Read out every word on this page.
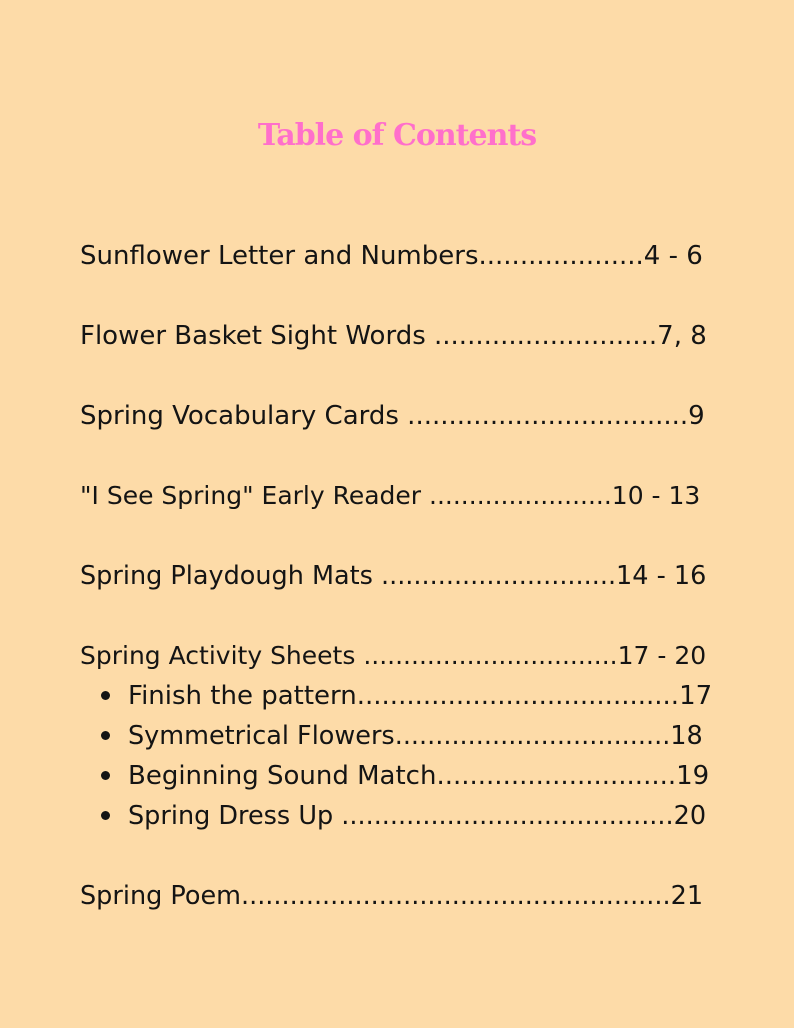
Table of Contents

Sunflower Letter and Numbers....................4 - 6

Flower Basket Sight Words ...........................7, 8

Spring Vocabulary Cards ..................................9

"I See Spring" Early Reader .......................10 - 13

Spring Playdough Mats .............................14 - 16

Spring Activity Sheets ................................17 - 20

Finish the pattern.......................................17

Symmetrical Flowers..................................18

Beginning Sound Match.............................19

Spring Dress Up .........................................20

Spring Poem.....................................................21
